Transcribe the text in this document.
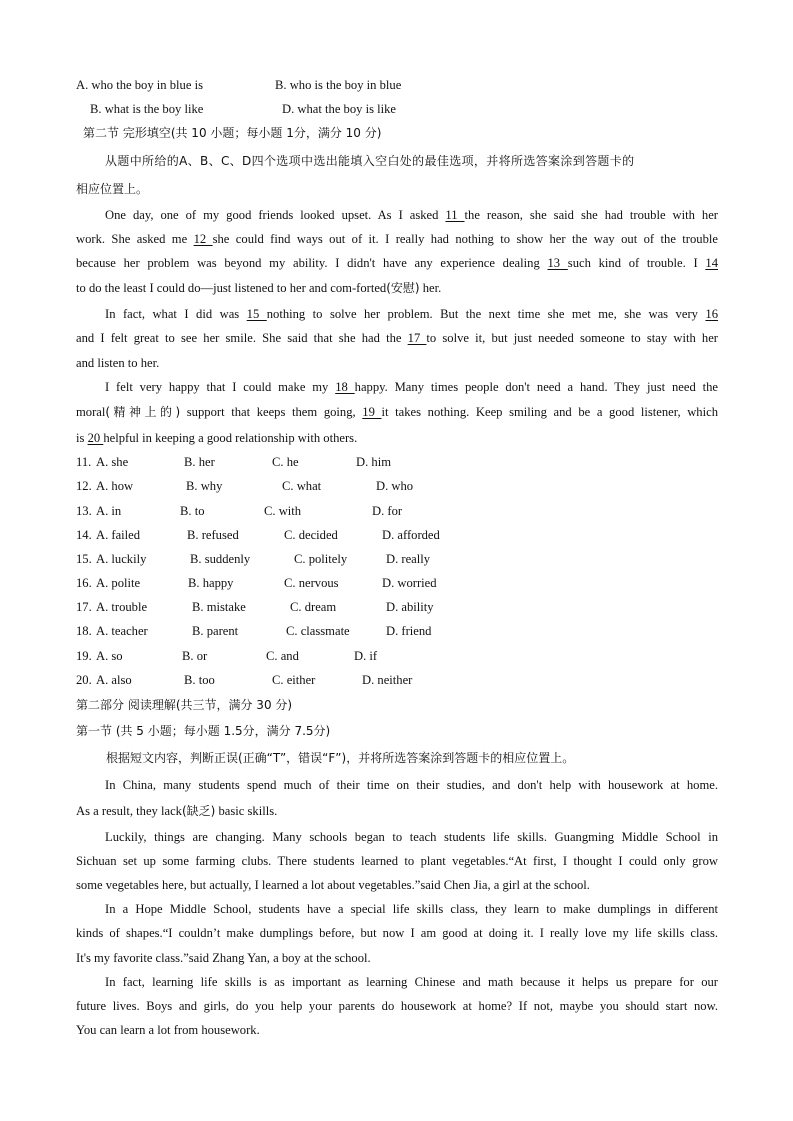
A. who the boy in blue is	B. who is the boy in blue
B. what is the boy like	D. what the boy is like
第二节 完形填空(共 10 小题；每小题 1分，满分 10 分)
从题中所给的A、B、C、D四个选项中选出能填入空白处的最佳选项，并将所选答案涂到答题卡的
相应位置上。
One day, one of my good friends looked upset. As I asked 11 the reason, she said she had trouble with her
work. She asked me 12 she could find ways out of it. I really had nothing to show her the way out of the trouble
because her problem was beyond my ability. I didn't have any experience dealing 13 such kind of trouble. I 14
to do the least I could do—just listened to her and com-forted(安慰) her.
In fact, what I did was 15 nothing to solve her problem. But the next time she met me, she was very 16
and I felt great to see her smile. She said that she had the 17 to solve it, but just needed someone to stay with her
and listen to her.
I felt very happy that I could make my 18 happy. Many times people don't need a hand. They just need the
moral(精神上的) support that keeps them going, 19 it takes nothing. Keep smiling and be a good listener, which
is 20 helpful in keeping a good relationship with others.
11. A. she	B. her	C. he	D. him
12. A. how	B. why	C. what	D. who
13. A. in	B. to	C. with	D. for
14. A. failed	B. refused	C. decided	D. afforded
15. A. luckily	B. suddenly	C. politely	D. really
16. A. polite	B. happy	C. nervous	D. worried
17. A. trouble	B. mistake	C. dream	D. ability
18. A. teacher	B. parent	C. classmate	D. friend
19. A. so	B. or	C. and	D. if
20. A. also	B. too	C. either	D. neither
第二部分 阅读理解(共三节，满分 30 分)
第一节 (共 5 小题；每小题 1.5分，满分 7.5分)
根据短文内容，判断正误(正确“T”，错误“F”)，并将所选答案涂到答题卡的相应位置上。
In China, many students spend much of their time on their studies, and don't help with housework at home.
As a result, they lack(缺乏) basic skills.
Luckily, things are changing. Many schools began to teach students life skills. Guangming Middle School in
Sichuan set up some farming clubs. There students learned to plant vegetables.“At first, I thought I could only grow
some vegetables here, but actually, I learned a lot about vegetables.”said Chen Jia, a girl at the school.
In a Hope Middle School, students have a special life skills class, they learn to make dumplings in different
kinds of shapes.“I couldn’t make dumplings before, but now I am good at doing it. I really love my life skills class.
It's my favorite class.”said Zhang Yan, a boy at the school.
In fact, learning life skills is as important as learning Chinese and math because it helps us prepare for our
future lives. Boys and girls, do you help your parents do housework at home? If not, maybe you should start now.
You can learn a lot from housework.
